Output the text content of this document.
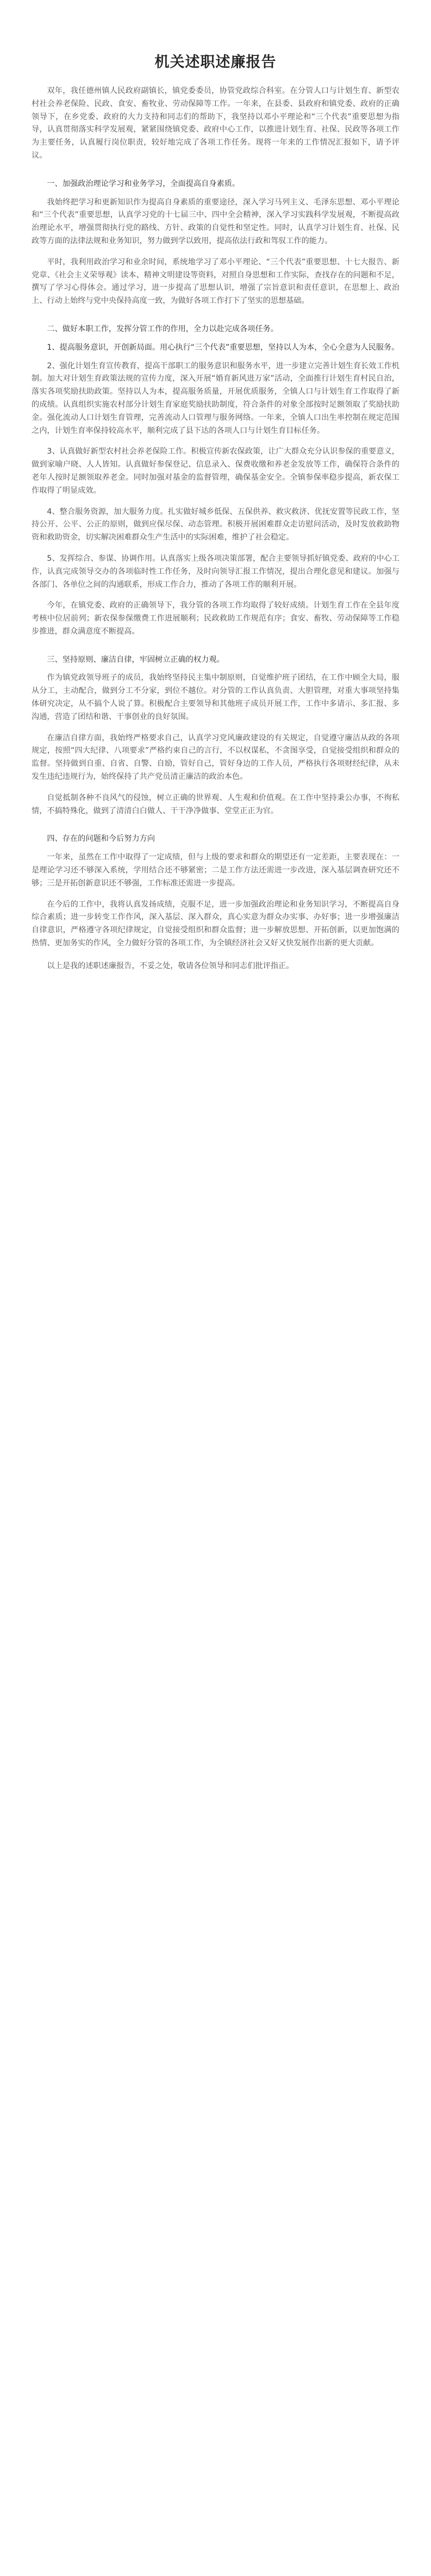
机关述职述廉报告

双年，我任德州镇人民政府副镇长，镇党委委员，协管党政综合科室。在分管人口与计划生育、新型农村社会养老保险、民政、食安、畜牧业、劳动保障等工作。一年来，在县委、县政府和镇党委、政府的正确领导下，在乡党委、政府的大力支持和同志们的帮助下，我坚持以邓小平理论和“三个代表”重要思想为指导，认真贯彻落实科学发展观，紧紧围绕镇党委、政府中心工作，以推进计划生育、社保、民政等各项工作为主要任务，认真履行岗位职责，较好地完成了各项工作任务。现将一年来的工作情况汇报如下，请予评议。

一、加强政治理论学习和业务学习，全面提高自身素质。

我始终把学习和更新知识作为提高自身素质的重要途径，深入学习马列主义、毛泽东思想、邓小平理论和“三个代表”重要思想，认真学习党的十七届三中、四中全会精神，深入学习实践科学发展观，不断提高政治理论水平，增强贯彻执行党的路线、方针、政策的自觉性和坚定性。同时，认真学习计划生育、社保、民政等方面的法律法规和业务知识，努力做到学以致用，提高依法行政和驾驭工作的能力。

平时，我利用政治学习和业余时间，系统地学习了邓小平理论、“三个代表”重要思想、十七大报告、新党章、《社会主义荣辱观》读本、精神文明建设等资料，对照自身思想和工作实际，查找存在的问题和不足，撰写了学习心得体会。通过学习，进一步提高了思想认识，增强了宗旨意识和责任意识，在思想上、政治上、行动上始终与党中央保持高度一致，为做好各项工作打下了坚实的思想基础。

二、做好本职工作，发挥分管工作的作用，全力以赴完成各项任务。

1、提高服务意识，开创新局面。用心执行“三个代表”重要思想，坚持以人为本，全心全意为人民服务。

2、强化计划生育宣传教育，提高干部职工的服务意识和服务水平，进一步建立完善计划生育长效工作机制。加大对计划生育政策法规的宣传力度，深入开展“婚育新风进万家”活动，全面推行计划生育村民自治，落实各项奖励扶助政策。坚持以人为本，提高服务质量，开展优质服务，全镇人口与计划生育工作取得了新的成绩。认真组织实施农村部分计划生育家庭奖励扶助制度，符合条件的对象全部按时足额领取了奖励扶助金。强化流动人口计划生育管理，完善流动人口管理与服务网络。一年来，全镇人口出生率控制在规定范围之内，计划生育率保持较高水平，顺利完成了县下达的各项人口与计划生育目标任务。

3、认真做好新型农村社会养老保险工作。积极宣传新农保政策，让广大群众充分认识参保的重要意义，做到家喻户晓、人人皆知。认真做好参保登记、信息录入、保费收缴和养老金发放等工作，确保符合条件的老年人按时足额领取养老金。同时加强对基金的监督管理，确保基金安全。全镇参保率稳步提高，新农保工作取得了明显成效。

4、整合服务资源，加大服务力度。扎实做好城乡低保、五保供养、救灾救济、优抚安置等民政工作，坚持公开、公平、公正的原则，做到应保尽保、动态管理。积极开展困难群众走访慰问活动，及时发放救助物资和救助资金，切实解决困难群众生产生活中的实际困难，维护了社会稳定。

5、发挥综合、参谋、协调作用。认真落实上级各项决策部署，配合主要领导抓好镇党委、政府的中心工作，认真完成领导交办的各项临时性工作任务，及时向领导汇报工作情况，提出合理化意见和建议。加强与各部门、各单位之间的沟通联系，形成工作合力，推动了各项工作的顺利开展。

今年，在镇党委、政府的正确领导下，我分管的各项工作均取得了较好成绩。计划生育工作在全县年度考核中位居前列；新农保参保缴费工作进展顺利；民政救助工作规范有序；食安、畜牧、劳动保障等工作稳步推进，群众满意度不断提高。

三、坚持原则、廉洁自律，牢固树立正确的权力观。

作为镇党政领导班子的成员，我始终坚持民主集中制原则，自觉维护班子团结，在工作中顾全大局，服从分工，主动配合，做到分工不分家，到位不越位。对分管的工作认真负责、大胆管理，对重大事项坚持集体研究决定，从不搞个人说了算。积极配合主要领导和其他班子成员开展工作，工作中多请示、多汇报、多沟通，营造了团结和谐、干事创业的良好氛围。

在廉洁自律方面，我始终严格要求自己，认真学习党风廉政建设的有关规定，自觉遵守廉洁从政的各项规定，按照“四大纪律、八项要求”严格约束自己的言行，不以权谋私，不贪图享受，自觉接受组织和群众的监督。坚持做到自重、自省、自警、自励，管好自己，管好身边的工作人员，严格执行各项财经纪律，从未发生违纪违规行为，始终保持了共产党员清正廉洁的政治本色。

自觉抵制各种不良风气的侵蚀，树立正确的世界观、人生观和价值观。在工作中坚持秉公办事，不徇私情，不搞特殊化，做到了清清白白做人、干干净净做事、堂堂正正为官。

四、存在的问题和今后努力方向

一年来，虽然在工作中取得了一定成绩，但与上级的要求和群众的期望还有一定差距，主要表现在：一是理论学习还不够深入系统，学用结合还不够紧密；二是工作方法还需进一步改进，深入基层调查研究还不够；三是开拓创新意识还不够强，工作标准还需进一步提高。

在今后的工作中，我将认真发扬成绩，克服不足，进一步加强政治理论和业务知识学习，不断提高自身综合素质；进一步转变工作作风，深入基层、深入群众，真心实意为群众办实事、办好事；进一步增强廉洁自律意识，严格遵守各项纪律规定，自觉接受组织和群众监督；进一步解放思想、开拓创新，以更加饱满的热情、更加务实的作风，全力做好分管的各项工作，为全镇经济社会又好又快发展作出新的更大贡献。

以上是我的述职述廉报告，不妥之处，敬请各位领导和同志们批评指正。
